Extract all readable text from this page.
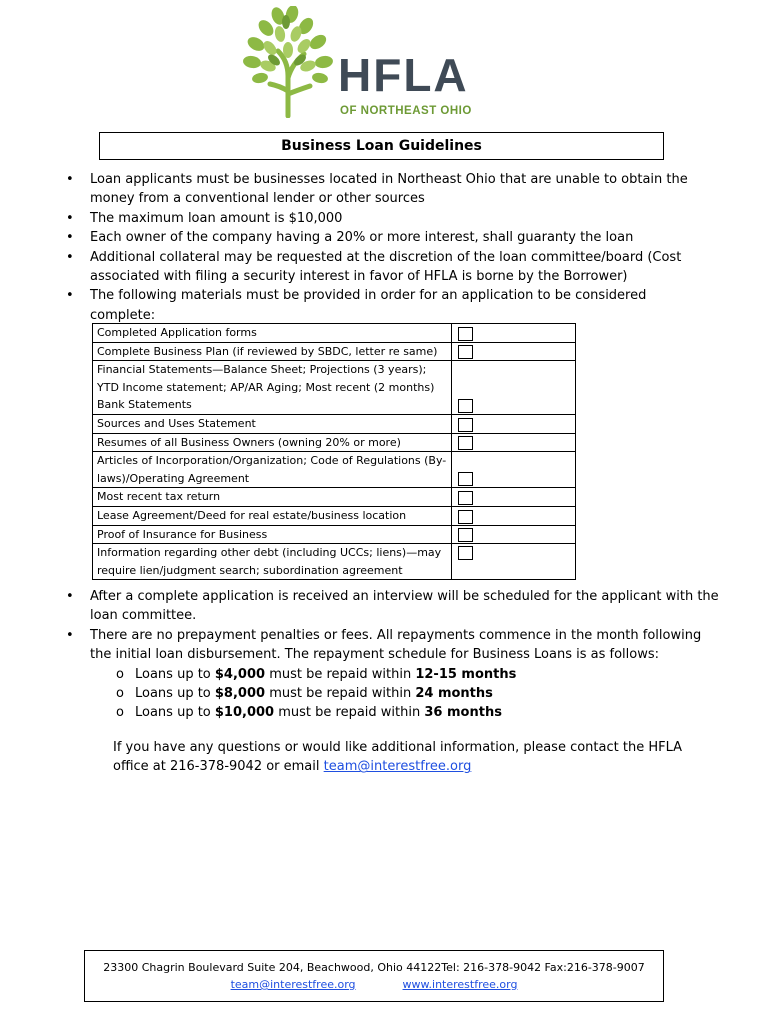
HFLA
OF NORTHEAST OHIO
Business Loan Guidelines
• Loan applicants must be businesses located in Northeast Ohio that are unable to obtain the money from a conventional lender or other sources
• The maximum loan amount is $10,000
• Each owner of the company having a 20% or more interest, shall guaranty the loan
• Additional collateral may be requested at the discretion of the loan committee/board (Cost associated with filing a security interest in favor of HFLA is borne by the Borrower)
• The following materials must be provided in order for an application to be considered complete:
Completed Application forms	

Complete Business Plan (if reviewed by SBDC, letter re same)	

Financial Statements—Balance Sheet; Projections (3 years); YTD Income statement; AP/AR Aging; Most recent (2 months) Bank Statements	

Sources and Uses Statement	

Resumes of all Business Owners (owning 20% or more)	

Articles of Incorporation/Organization; Code of Regulations (By-laws)/Operating Agreement	

Most recent tax return	

Lease Agreement/Deed for real estate/business location	

Proof of Insurance for Business	

Information regarding other debt (including UCCs; liens)—may require lien/judgment search; subordination agreement	
• After a complete application is received an interview will be scheduled for the applicant with the loan committee.
• There are no prepayment penalties or fees. All repayments commence in the month following the initial loan disbursement. The repayment schedule for Business Loans is as follows:
o Loans up to $4,000 must be repaid within 12-15 months
o Loans up to $8,000 must be repaid within 24 months
o Loans up to $10,000 must be repaid within 36 months
If you have any questions or would like additional information, please contact the HFLA office at 216-378-9042 or email team@interestfree.org
23300 Chagrin Boulevard Suite 204, Beachwood, Ohio 44122Tel: 216-378-9042 Fax:216-378-9007
team@interestfree.org	www.interestfree.org
